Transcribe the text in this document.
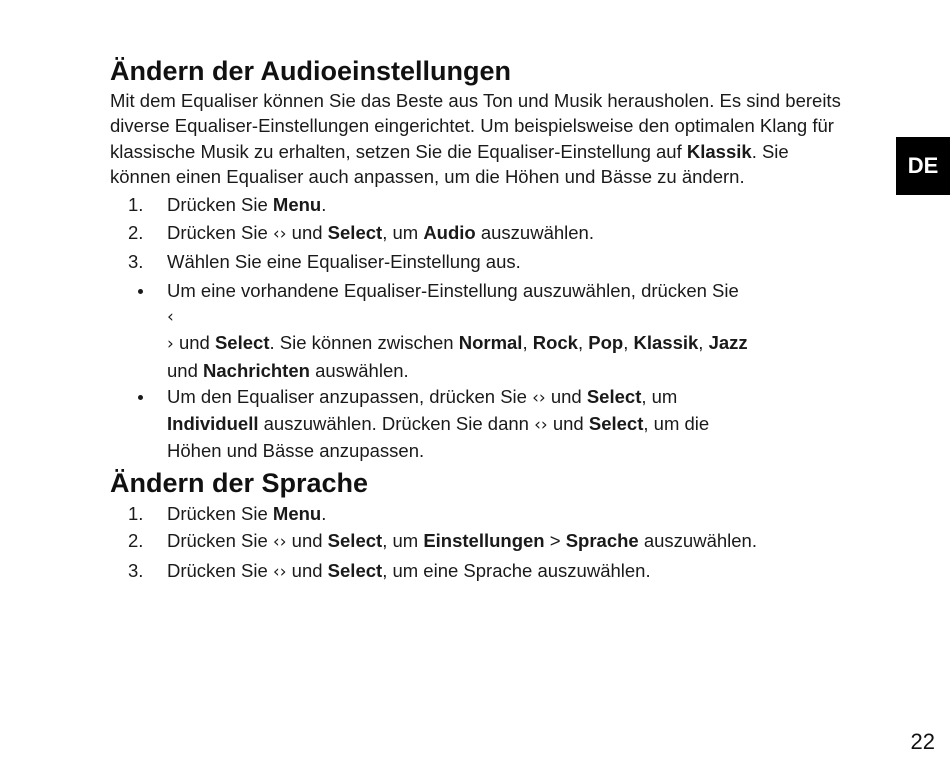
DE
Ändern der Audioeinstellungen

Mit dem Equaliser können Sie das Beste aus Ton und Musik herausholen. Es sind bereits diverse Equaliser-Einstellungen eingerichtet. Um beispielsweise den optimalen Klang für klassische Musik zu erhalten, setzen Sie die Equaliser-Einstellung auf Klassik. Sie können einen Equaliser auch anpassen, um die Höhen und Bässe zu ändern.

1. Drücken Sie Menu.
2. Drücken Sie ‹› und Select, um Audio auszuwählen.
3. Wählen Sie eine Equaliser-Einstellung aus.
Um eine vorhandene Equaliser-Einstellung auszuwählen, drücken Sie ‹
› und Select. Sie können zwischen Normal, Rock, Pop, Klassik, Jazz und Nachrichten auswählen.
Um den Equaliser anzupassen, drücken Sie ‹› und Select, um Individuell auszuwählen. Drücken Sie dann ‹› und Select, um die Höhen und Bässe anzupassen.
Ändern der Sprache
1. Drücken Sie Menu.
2. Drücken Sie ‹› und Select, um Einstellungen > Sprache auszuwählen.
3. Drücken Sie ‹› und Select, um eine Sprache auszuwählen.
22
